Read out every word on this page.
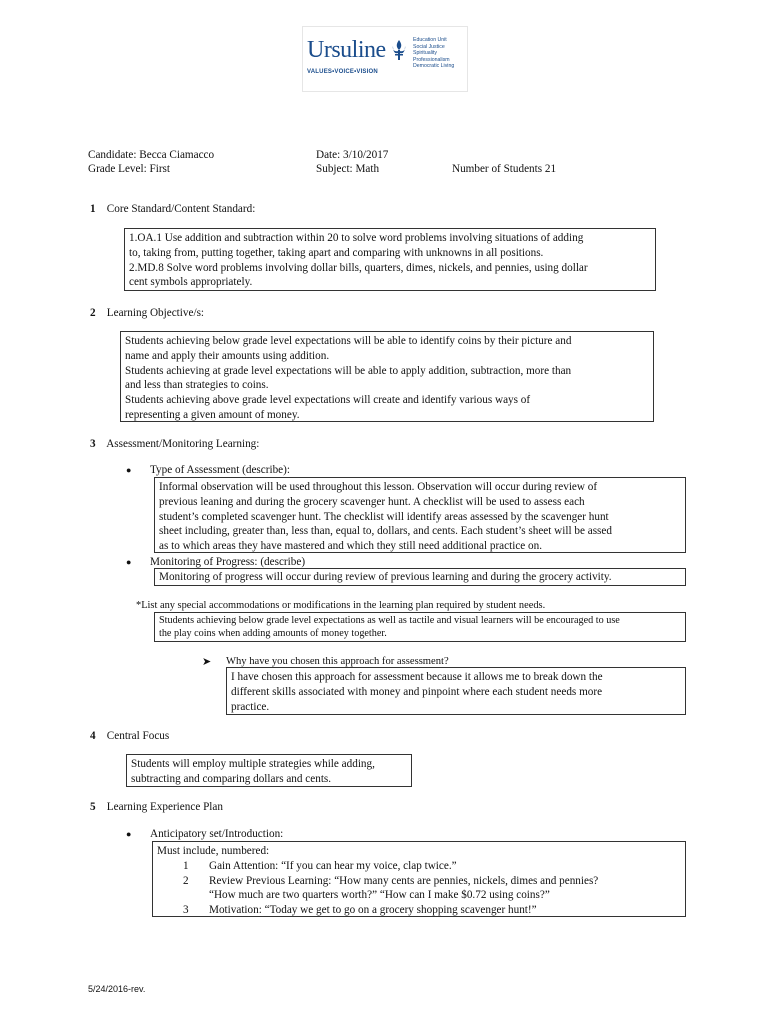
Ursuline
VALUES•VOICE•VISION
Education Unit
Social Justice
Spirituality
Professionalism
Democratic Living
Candidate: Becca Ciamacco
Grade Level: First
Date: 3/10/2017
Subject: Math	Number of Students 21
1 Core Standard/Content Standard:
1.OA.1 Use addition and subtraction within 20 to solve word problems involving situations of adding
to, taking from, putting together, taking apart and comparing with unknowns in all positions.
2.MD.8 Solve word problems involving dollar bills, quarters, dimes, nickels, and pennies, using dollar
cent symbols appropriately.
2 Learning Objective/s:
Students achieving below grade level expectations will be able to identify coins by their picture and
name and apply their amounts using addition.
Students achieving at grade level expectations will be able to apply addition, subtraction, more than
and less than strategies to coins.
Students achieving above grade level expectations will create and identify various ways of
representing a given amount of money.
3 Assessment/Monitoring Learning:
● Type of Assessment (describe):
Informal observation will be used throughout this lesson. Observation will occur during review of
previous leaning and during the grocery scavenger hunt. A checklist will be used to assess each
student’s completed scavenger hunt. The checklist will identify areas assessed by the scavenger hunt
sheet including, greater than, less than, equal to, dollars, and cents. Each student’s sheet will be assed
as to which areas they have mastered and which they still need additional practice on.
● Monitoring of Progress: (describe)
Monitoring of progress will occur during review of previous learning and during the grocery activity.
*List any special accommodations or modifications in the learning plan required by student needs.
Students achieving below grade level expectations as well as tactile and visual learners will be encouraged to use
the play coins when adding amounts of money together.
➤ Why have you chosen this approach for assessment?
I have chosen this approach for assessment because it allows me to break down the
different skills associated with money and pinpoint where each student needs more
practice.
4 Central Focus
Students will employ multiple strategies while adding,
subtracting and comparing dollars and cents.
5 Learning Experience Plan
● Anticipatory set/Introduction:
Must include, numbered:
1	Gain Attention: “If you can hear my voice, clap twice.”
2	Review Previous Learning: “How many cents are pennies, nickels, dimes and pennies?
“How much are two quarters worth?” “How can I make $0.72 using coins?”
3	Motivation: “Today we get to go on a grocery shopping scavenger hunt!”
5/24/2016-rev.
